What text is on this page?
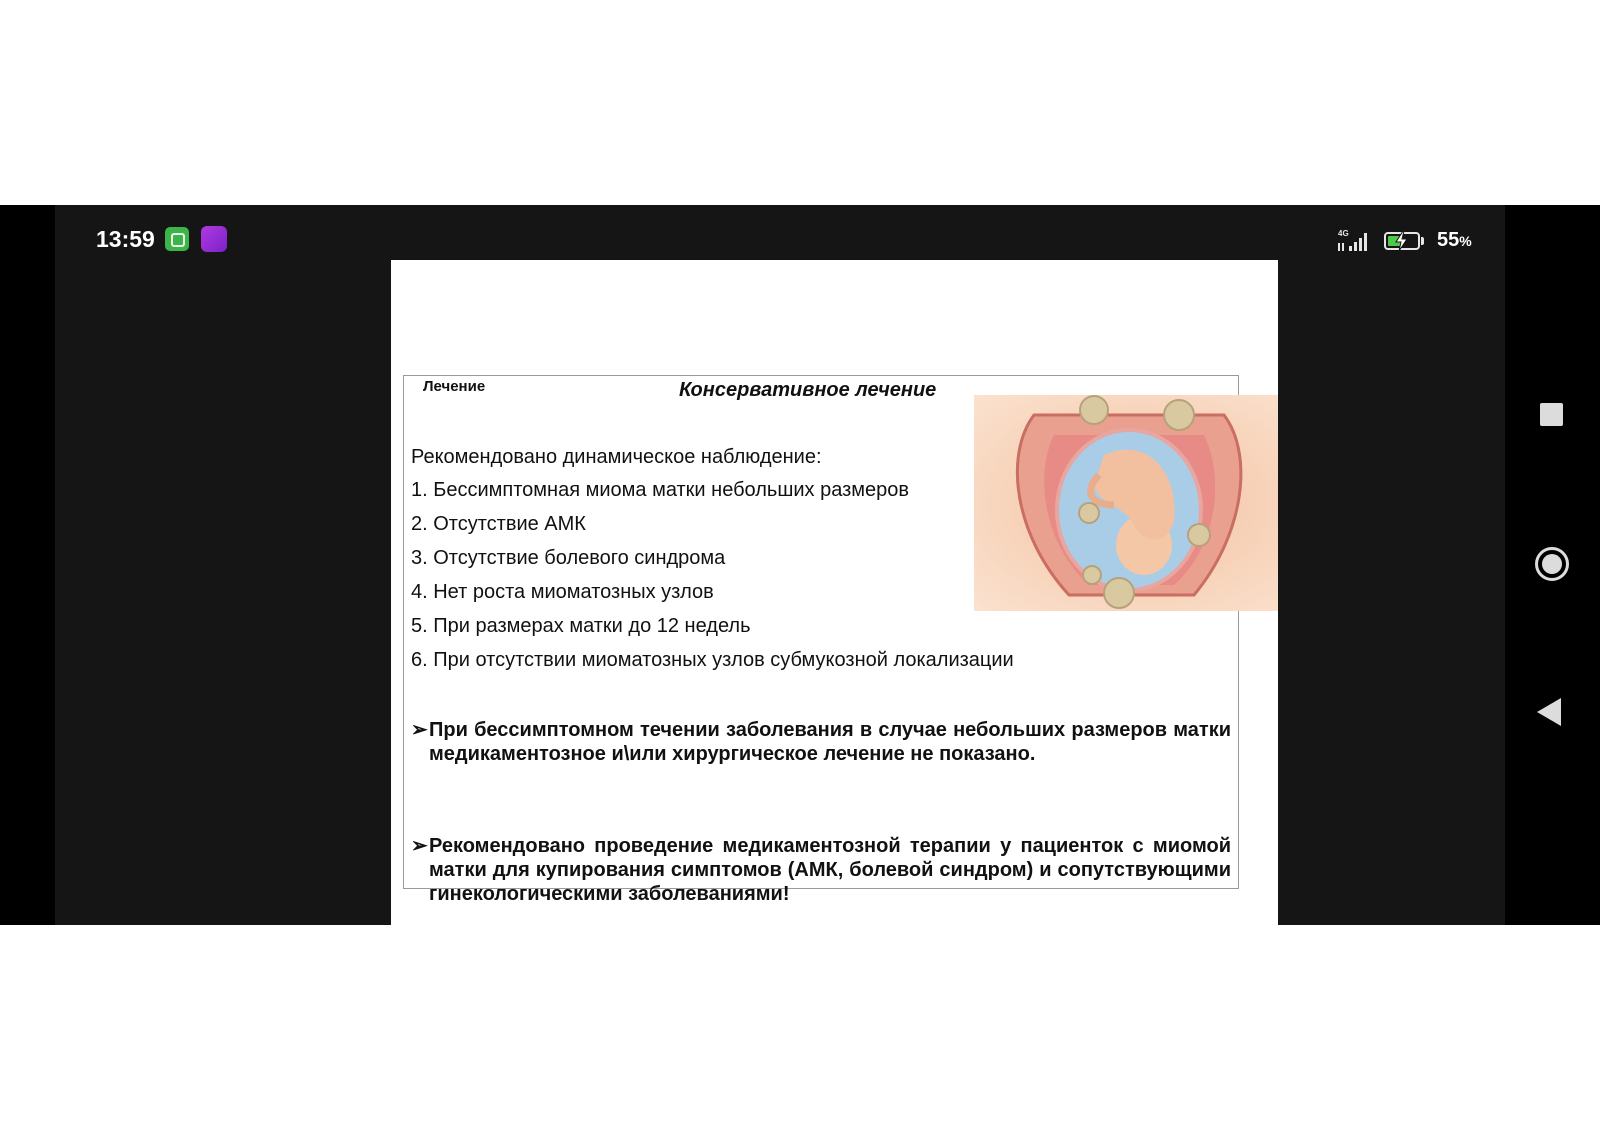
13:59	4G	55%
Лечение	Консервативное лечение
Рекомендовано динамическое наблюдение:
1. Бессимптомная миома матки небольших размеров
2. Отсутствие АМК
3. Отсутствие болевого синдрома
4. Нет роста миоматозных узлов
5. При размерах матки до 12 недель
6. При отсутствии миоматозных узлов субмукозной локализации
➢ При бессимптомном течении заболевания в случае небольших размеров матки медикаментозное и\или хирургическое лечение не показано.
➢ Рекомендовано проведение медикаментозной терапии у пациенток с миомой матки для купирования симптомов (АМК, болевой синдром) и сопутствующими гинекологическими заболеваниями!
